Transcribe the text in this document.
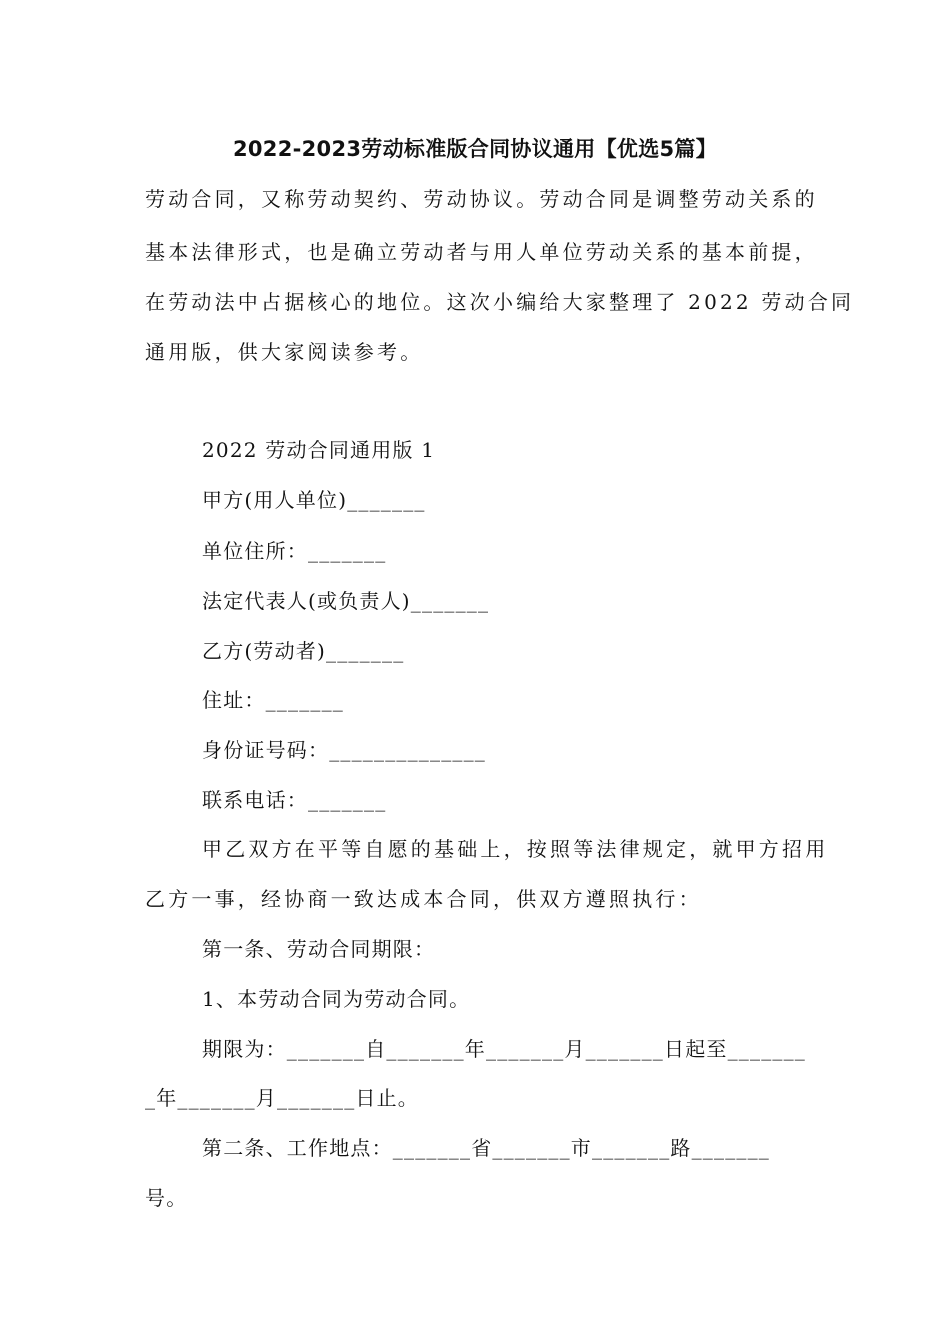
2022-2023劳动标准版合同协议通用【优选5篇】
劳动合同，又称劳动契约、劳动协议。劳动合同是调整劳动关系的
基本法律形式，也是确立劳动者与用人单位劳动关系的基本前提，
在劳动法中占据核心的地位。这次小编给大家整理了 2022 劳动合同
通用版，供大家阅读参考。
2022 劳动合同通用版 1
甲方(用人单位)_______
单位住所：_______
法定代表人(或负责人)_______
乙方(劳动者)_______
住址：_______
身份证号码：______________
联系电话：_______
甲乙双方在平等自愿的基础上，按照等法律规定，就甲方招用
乙方一事，经协商一致达成本合同，供双方遵照执行：
第一条、劳动合同期限：
1、本劳动合同为劳动合同。
期限为：_______自_______年_______月_______日起至_______
_年_______月_______日止。
第二条、工作地点：_______省_______市_______路_______
号。
